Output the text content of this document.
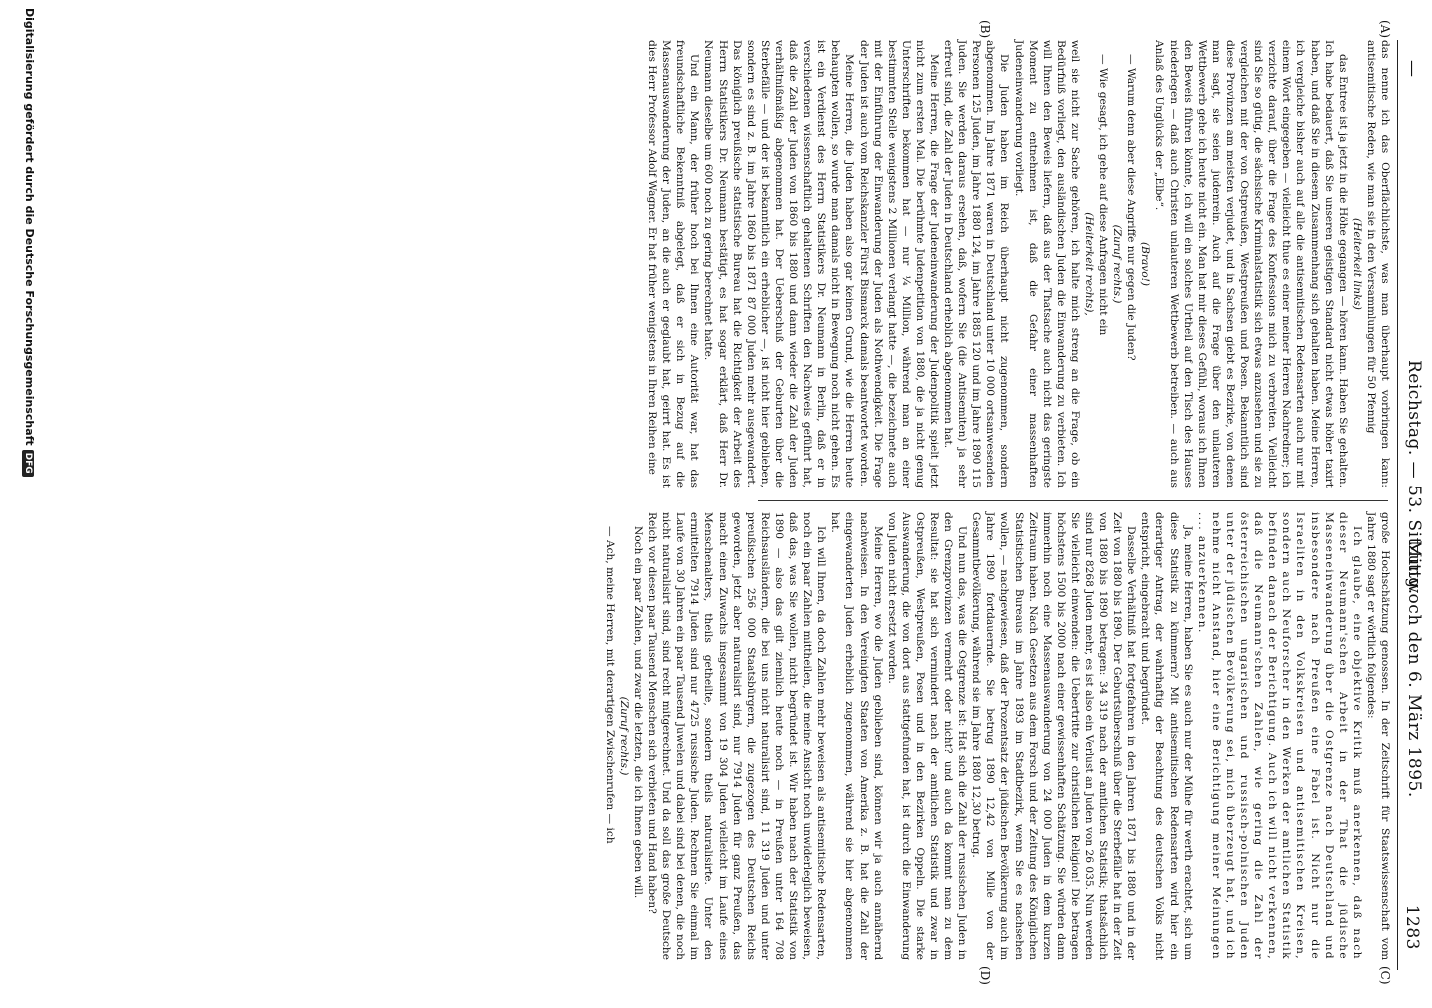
—
Reichstag. — 53. Sitzung.
Mittwoch den 6. März 1895.
1283
(A)
(B)
(C)
(D)

das nenne ich das Oberflächlichste, was man überhaupt vorbringen kann: antisemitische Reden, wie man sie in den Versammlungen für 50 Pfennig

(Heiterkeit links)

das Entree ist ja jetzt in die Höhe gegangen — hören kann. Haben Sie gehalten. Ich habe bedauert, daß Sie unseren geistigen Standard nicht etwas höher taxirt haben, und daß Sie in diesem Zusammenhang sich gehalten haben. Meine Herren, ich vergleiche bisher auch auf alle die antisemitischen Redensarten auch nur mit einem Wort eingegeben — vielleicht thue es einer meiner Herren Nachredner; ich verzichte darauf, über die Frage des Konfessions mich zu verbreiten. Vielleicht sind Sie so gütig, die sächsische Kriminalstatistik sich etwas anzusehen und sie zu vergleichen mit der von Ostpreußen, Westpreußen und Posen. Bekanntlich sind diese Provinzen am meisten verjudet, und in Sachsen giebt es Bezirke, von denen man sagt, sie seien judenrein. Auch auf die Frage über den unlauteren Wettbewerb gehe ich heute nicht ein. Man hat mir dieses Gefühl, woraus ich Ihnen den Beweis führen könnte, ich will ein solches Urtheil auf den Tisch des Hauses niederlegen — daß auch Christen unlauteren Wettbewerb betreiben. — auch aus Anlaß des Unglücks der „Elbe“.

(Bravo!)

— Warum denn aber diese Angriffe nur gegen die Juden?

(Zuruf rechts.)

— Wie gesagt, ich gehe auf diese Anfragen nicht ein

(Heiterkeit rechts),

weil sie nicht zur Sache gehören, ich halte mich streng an die Frage, ob ein Bedürfniß vorliegt, den ausländischen Juden die Einwanderung zu verbieten. Ich will Ihnen den Beweis liefern, daß aus der Thatsache auch nicht das geringste Moment zu entnehmen ist, daß die Gefahr einer massenhaften Judeneinwanderung vorliegt.

Die Juden haben im Reich überhaupt nicht zugenommen, sondern abgenommen. Im Jahre 1871 waren in Deutschland unter 10 000 ortsanwesenden Personen 125 Juden, im Jahre 1880 124, im Jahre 1885 120 und im Jahre 1890 115 Juden. Sie werden daraus ersehen, daß, wofern Sie (die Antisemiten) ja sehr erfreut sind, die Zahl der Juden in Deutschland erheblich abgenommen hat.

Meine Herren, die Frage der Judeneinwanderung der Judenpolitik spielt jetzt nicht zum ersten Mal. Die berühmte Judenpetition von 1880, die ja nicht genug Unterschriften bekommen hat — nur ¼ Million, während man an einer bestimmten Stelle wenigstens 2 Millionen verlangt hatte —, die bezeichnete auch mit der Einführung der Einwanderung der Juden als Nothwendigkeit. Die Frage der Juden ist auch vom Reichskanzler Fürst Bismarck damals beantwortet worden.

Meine Herren, die Juden haben also gar keinen Grund, wie die Herren heute behaupten wollen, so wurde man damals nicht in Bewegung noch nicht gehen. Es ist ein Verdienst des Herrn Statistikers Dr. Neumann in Berlin, daß er in verschiedenen wissenschaftlich gehaltenen Schriften den Nachweis geführt hat, daß die Zahl der Juden von 1860 bis 1880 und dann wieder die Zahl der Juden verhältnißmäßig abgenommen hat. Der Ueberschuß der Geburten über die Sterbefälle — und der ist bekanntlich ein erheblicher —, ist nicht hier geblieben, sondern es sind z. B. im Jahre 1860 bis 1871 87 000 Juden mehr ausgewandert. Das königlich preußische statistische Bureau hat die Richtigkeit der Arbeit des Herrn Statistikers Dr. Neumann bestätigt, es hat sogar erklärt, daß Herr Dr. Neumann dieselbe um 600 noch zu gering berechnet hatte.

Und ein Mann, der früher hoch bei Ihnen eine Autorität war, hat das freundschaftliche Bekenntniß abgelegt, daß er sich in Bezug auf die Massenauswanderung der Juden, an die auch er geglaubt hat, geirrt hat. Es ist dies Herr Professor Adolf Wagner. Er hat früher wenigstens in Ihren Reihen eine

große Hochschätzung genossen. In der Zeitschrift für Staatswissenschaft vom Jahre 1880 sagt er wörtlich folgendes:

Ich glaube, eine objektive Kritik muß anerkennen, daß nach dieser Neumann'schen Arbeit in der That die jüdische Masseneinwanderung über die Ostgrenze nach Deutschland und insbesondere nach Preußen eine Fabel ist. Nicht nur die Israeliten in den Volkskreisen und antisemitischen Kreisen, sondern auch Neuforscher in den Werken der amtlichen Statistik befinden danach der Berichtigung. Auch ich will nicht verkennen, daß die Neumann'schen Zahlen, wie gering die Zahl der österreichischen ungarischen und russisch-polnischen Juden unter der jüdischen Bevölkerung sei, mich überzeugt hat, und ich nehme nicht Anstand, hier eine Berichtigung meiner Meinungen .... anzuerkennen.

Ja, meine Herren, haben Sie es auch nur der Mühe für werth erachtet, sich um diese Statistik zu kümmern? Mit antisemitischen Redensarten wird hier ein derartiger Antrag, der wahrhaftig der Beachtung des deutschen Volks nicht entspricht, eingebracht und begründet.

Dasselbe Verhältniß hat fortgefahren in den Jahren 1871 bis 1880 und in der Zeit von 1880 bis 1890. Der Geburtsüberschuß über die Sterbefälle hat in der Zeit von 1880 bis 1890 betragen: 34 319 nach der amtlichen Statistik; thatsächlich sind nur 8268 Juden mehr, es ist also ein Verlust an Juden von 26 035. Nun werden Sie vielleicht einwenden: die Uebertritte zur christlichen Religion! Die betragen höchstens 1500 bis 2000 nach einer gewissenhaften Schätzung. Sie würden dann immerhin noch eine Massenauswanderung von 24 000 Juden in dem kurzen Zeitraum haben. Nach Gesetzen aus dem Forsch und der Zeitung des Königlichen Statistischen Bureaus im Jahre 1893 im Stadtbezirk, wenn Sie es nachsehen wollen, — nachgewiesen, daß der Prozentsatz der jüdischen Bevölkerung auch im Jahre 1890 fortdauernde. Sie betrug 1890 12,42 von Mille von der Gesammtbevölkerung, während sie im Jahre 1880 12,30 betrug.

Und nun das, was die Ostgrenze ist: Hat sich die Zahl der russischen Juden in den Grenzprovinzen vermehrt oder nicht? und auch da kommt man zu dem Resultat: sie hat sich vermindert nach der amtlichen Statistik und zwar in Ostpreußen, Westpreußen, Posen und in den Bezirken Oppeln. Die starke Auswanderung, die von dort aus stattgefunden hat, ist durch die Einwanderung von Juden nicht ersetzt worden.

Meine Herren, wo die Juden geblieben sind, können wir ja auch annähernd nachweisen. In den Vereinigten Staaten von Amerika z. B. hat die Zahl der eingewanderten Juden erheblich zugenommen, während sie hier abgenommen hat.

Ich will Ihnen, da doch Zahlen mehr beweisen als antisemitische Redensarten, noch ein paar Zahlen mittheilen, die meine Ansicht noch unwiderleglich beweisen, daß das, was Sie wollen, nicht begründet ist. Wir haben nach der Statistik von 1890 — also das gilt ziemlich heute noch — in Preußen unter 164 708 Reichsausländern, die bei uns nicht naturalisirt sind, 11 319 Juden und unter preußischen 256 000 Staatsbürgern, die zugezogen des Deutschen Reichs geworden, jetzt aber naturalisirt sind, nur 7914 Juden für ganz Preußen, das macht einen Zuwachs insgesammt von 19 304 Juden vielleicht im Laufe eines Menschenalters, theils getheilte, sondern theils naturalisirte. Unter den ermittelten 7914 Juden sind nur 4725 russische Juden. Rechnen Sie einmal im Laufe von 30 Jahren ein paar Tausend Juwelen und dabei sind bei denen, die noch nicht naturalisirt sind, sind recht mitgerechnet. Und da soll das große Deutsche Reich vor diesen paar Tausend Menschen sich verbieten und Hand haben?

Noch ein paar Zahlen, und zwar die letzten, die ich Ihnen geben will.

(Zuruf rechts.)

— Ach, meine Herren, mit derartigen Zwischenrufen — ich

Digitalisierung gefördert durch die Deutsche ForschungsgemeinschaftDFG
